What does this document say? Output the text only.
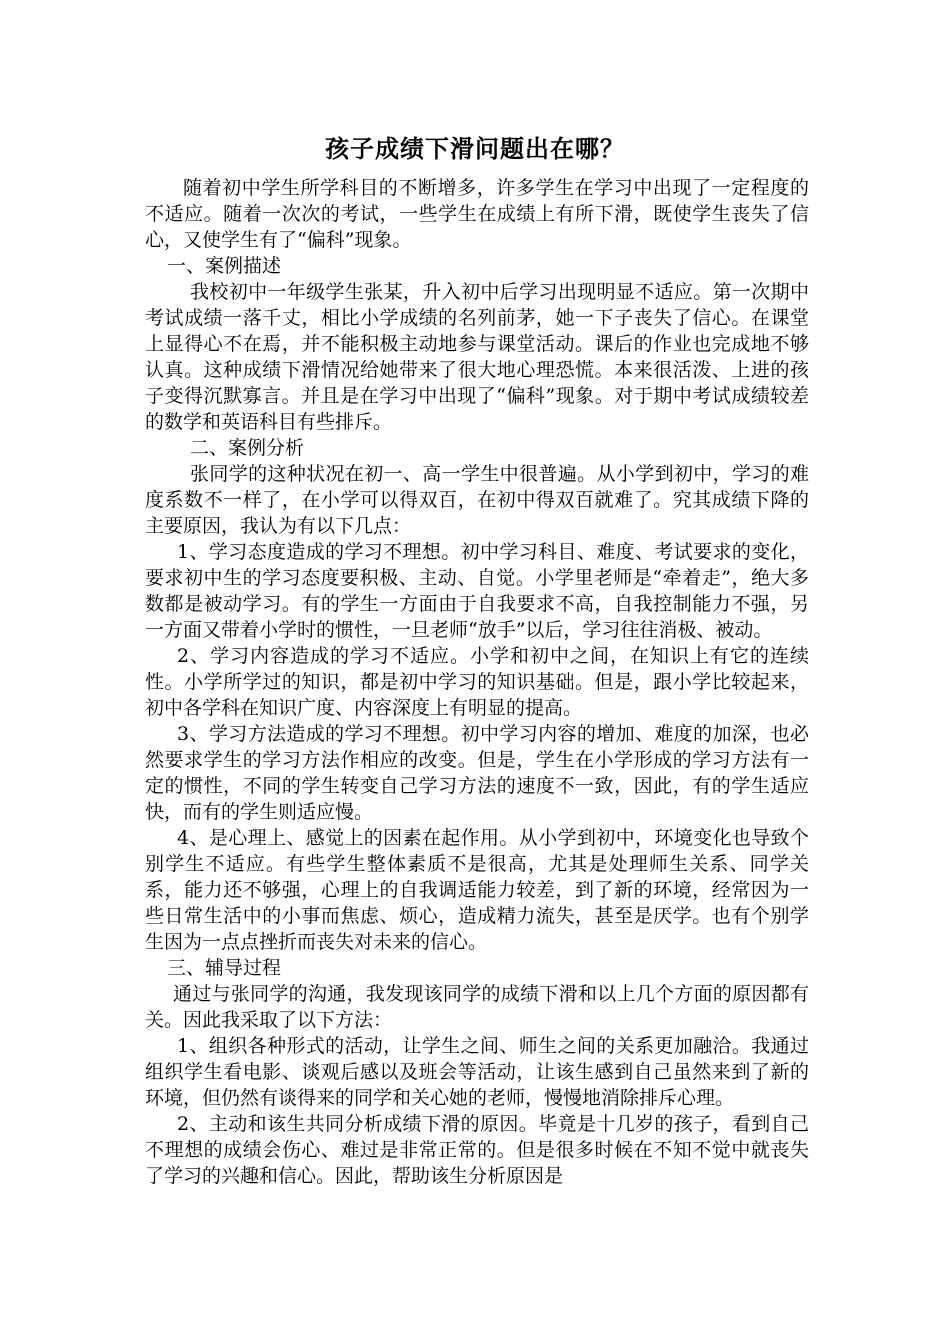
孩子成绩下滑问题出在哪？

随着初中学生所学科目的不断增多，许多学生在学习中出现了一定程度的不适应。随着一次次的考试，一些学生在成绩上有所下滑，既使学生丧失了信心，又使学生有了“偏科”现象。

一、案例描述

我校初中一年级学生张某，升入初中后学习出现明显不适应。第一次期中考试成绩一落千丈，相比小学成绩的名列前茅，她一下子丧失了信心。在课堂上显得心不在焉，并不能积极主动地参与课堂活动。课后的作业也完成地不够认真。这种成绩下滑情况给她带来了很大地心理恐慌。本来很活泼、上进的孩子变得沉默寡言。并且是在学习中出现了“偏科”现象。对于期中考试成绩较差的数学和英语科目有些排斥。

二、案例分析

张同学的这种状况在初一、高一学生中很普遍。从小学到初中，学习的难度系数不一样了，在小学可以得双百，在初中得双百就难了。究其成绩下降的主要原因，我认为有以下几点：

1、学习态度造成的学习不理想。初中学习科目、难度、考试要求的变化，要求初中生的学习态度要积极、主动、自觉。小学里老师是“牵着走”，绝大多数都是被动学习。有的学生一方面由于自我要求不高，自我控制能力不强，另一方面又带着小学时的惯性，一旦老师“放手”以后，学习往往消极、被动。

2、学习内容造成的学习不适应。小学和初中之间，在知识上有它的连续性。小学所学过的知识，都是初中学习的知识基础。但是，跟小学比较起来，初中各学科在知识广度、内容深度上有明显的提高。

3、学习方法造成的学习不理想。初中学习内容的增加、难度的加深，也必然要求学生的学习方法作相应的改变。但是，学生在小学形成的学习方法有一定的惯性，不同的学生转变自己学习方法的速度不一致，因此，有的学生适应快，而有的学生则适应慢。

4、是心理上、感觉上的因素在起作用。从小学到初中，环境变化也导致个别学生不适应。有些学生整体素质不是很高，尤其是处理师生关系、同学关系，能力还不够强，心理上的自我调适能力较差，到了新的环境，经常因为一些日常生活中的小事而焦虑、烦心，造成精力流失，甚至是厌学。也有个别学生因为一点点挫折而丧失对未来的信心。

三、辅导过程

通过与张同学的沟通，我发现该同学的成绩下滑和以上几个方面的原因都有关。因此我采取了以下方法：

1、组织各种形式的活动，让学生之间、师生之间的关系更加融洽。我通过组织学生看电影、谈观后感以及班会等活动，让该生感到自己虽然来到了新的环境，但仍然有谈得来的同学和关心她的老师，慢慢地消除排斥心理。

2、主动和该生共同分析成绩下滑的原因。毕竟是十几岁的孩子，看到自己不理想的成绩会伤心、难过是非常正常的。但是很多时候在不知不觉中就丧失了学习的兴趣和信心。因此，帮助该生分析原因是
